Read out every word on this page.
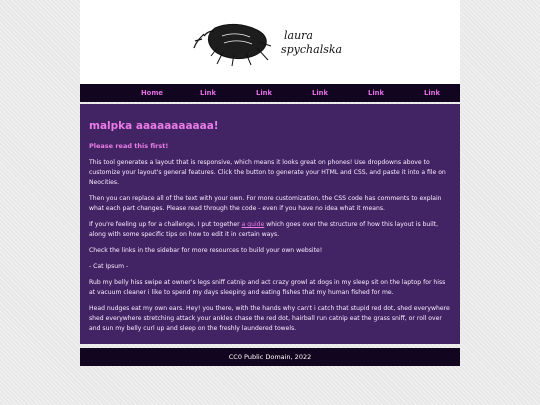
laura
spychalska
Home	Link	Link	Link	Link	Link
malpka aaaaaaaaaaa!
Please read this first!

This tool generates a layout that is responsive, which means it looks great on phones! Use dropdowns above to customize your layout's general features. Click the button to generate your HTML and CSS, and paste it into a file on Neocities.

Then you can replace all of the text with your own. For more customization, the CSS code has comments to explain what each part changes. Please read through the code - even if you have no idea what it means.

If you're feeling up for a challenge, I put together a guide which goes over the structure of how this layout is built, along with some specific tips on how to edit it in certain ways.

Check the links in the sidebar for more resources to build your own website!

- Cat Ipsum -

Rub my belly hiss swipe at owner's legs sniff catnip and act crazy growl at dogs in my sleep sit on the laptop for hiss at vacuum cleaner i like to spend my days sleeping and eating fishes that my human fished for me.

Head nudges eat my own ears. Hey! you there, with the hands why can't i catch that stupid red dot, shed everywhere shed everywhere stretching attack your ankles chase the red dot, hairball run catnip eat the grass sniff, or roll over and sun my belly curl up and sleep on the freshly laundered towels.

CC0 Public Domain, 2022
